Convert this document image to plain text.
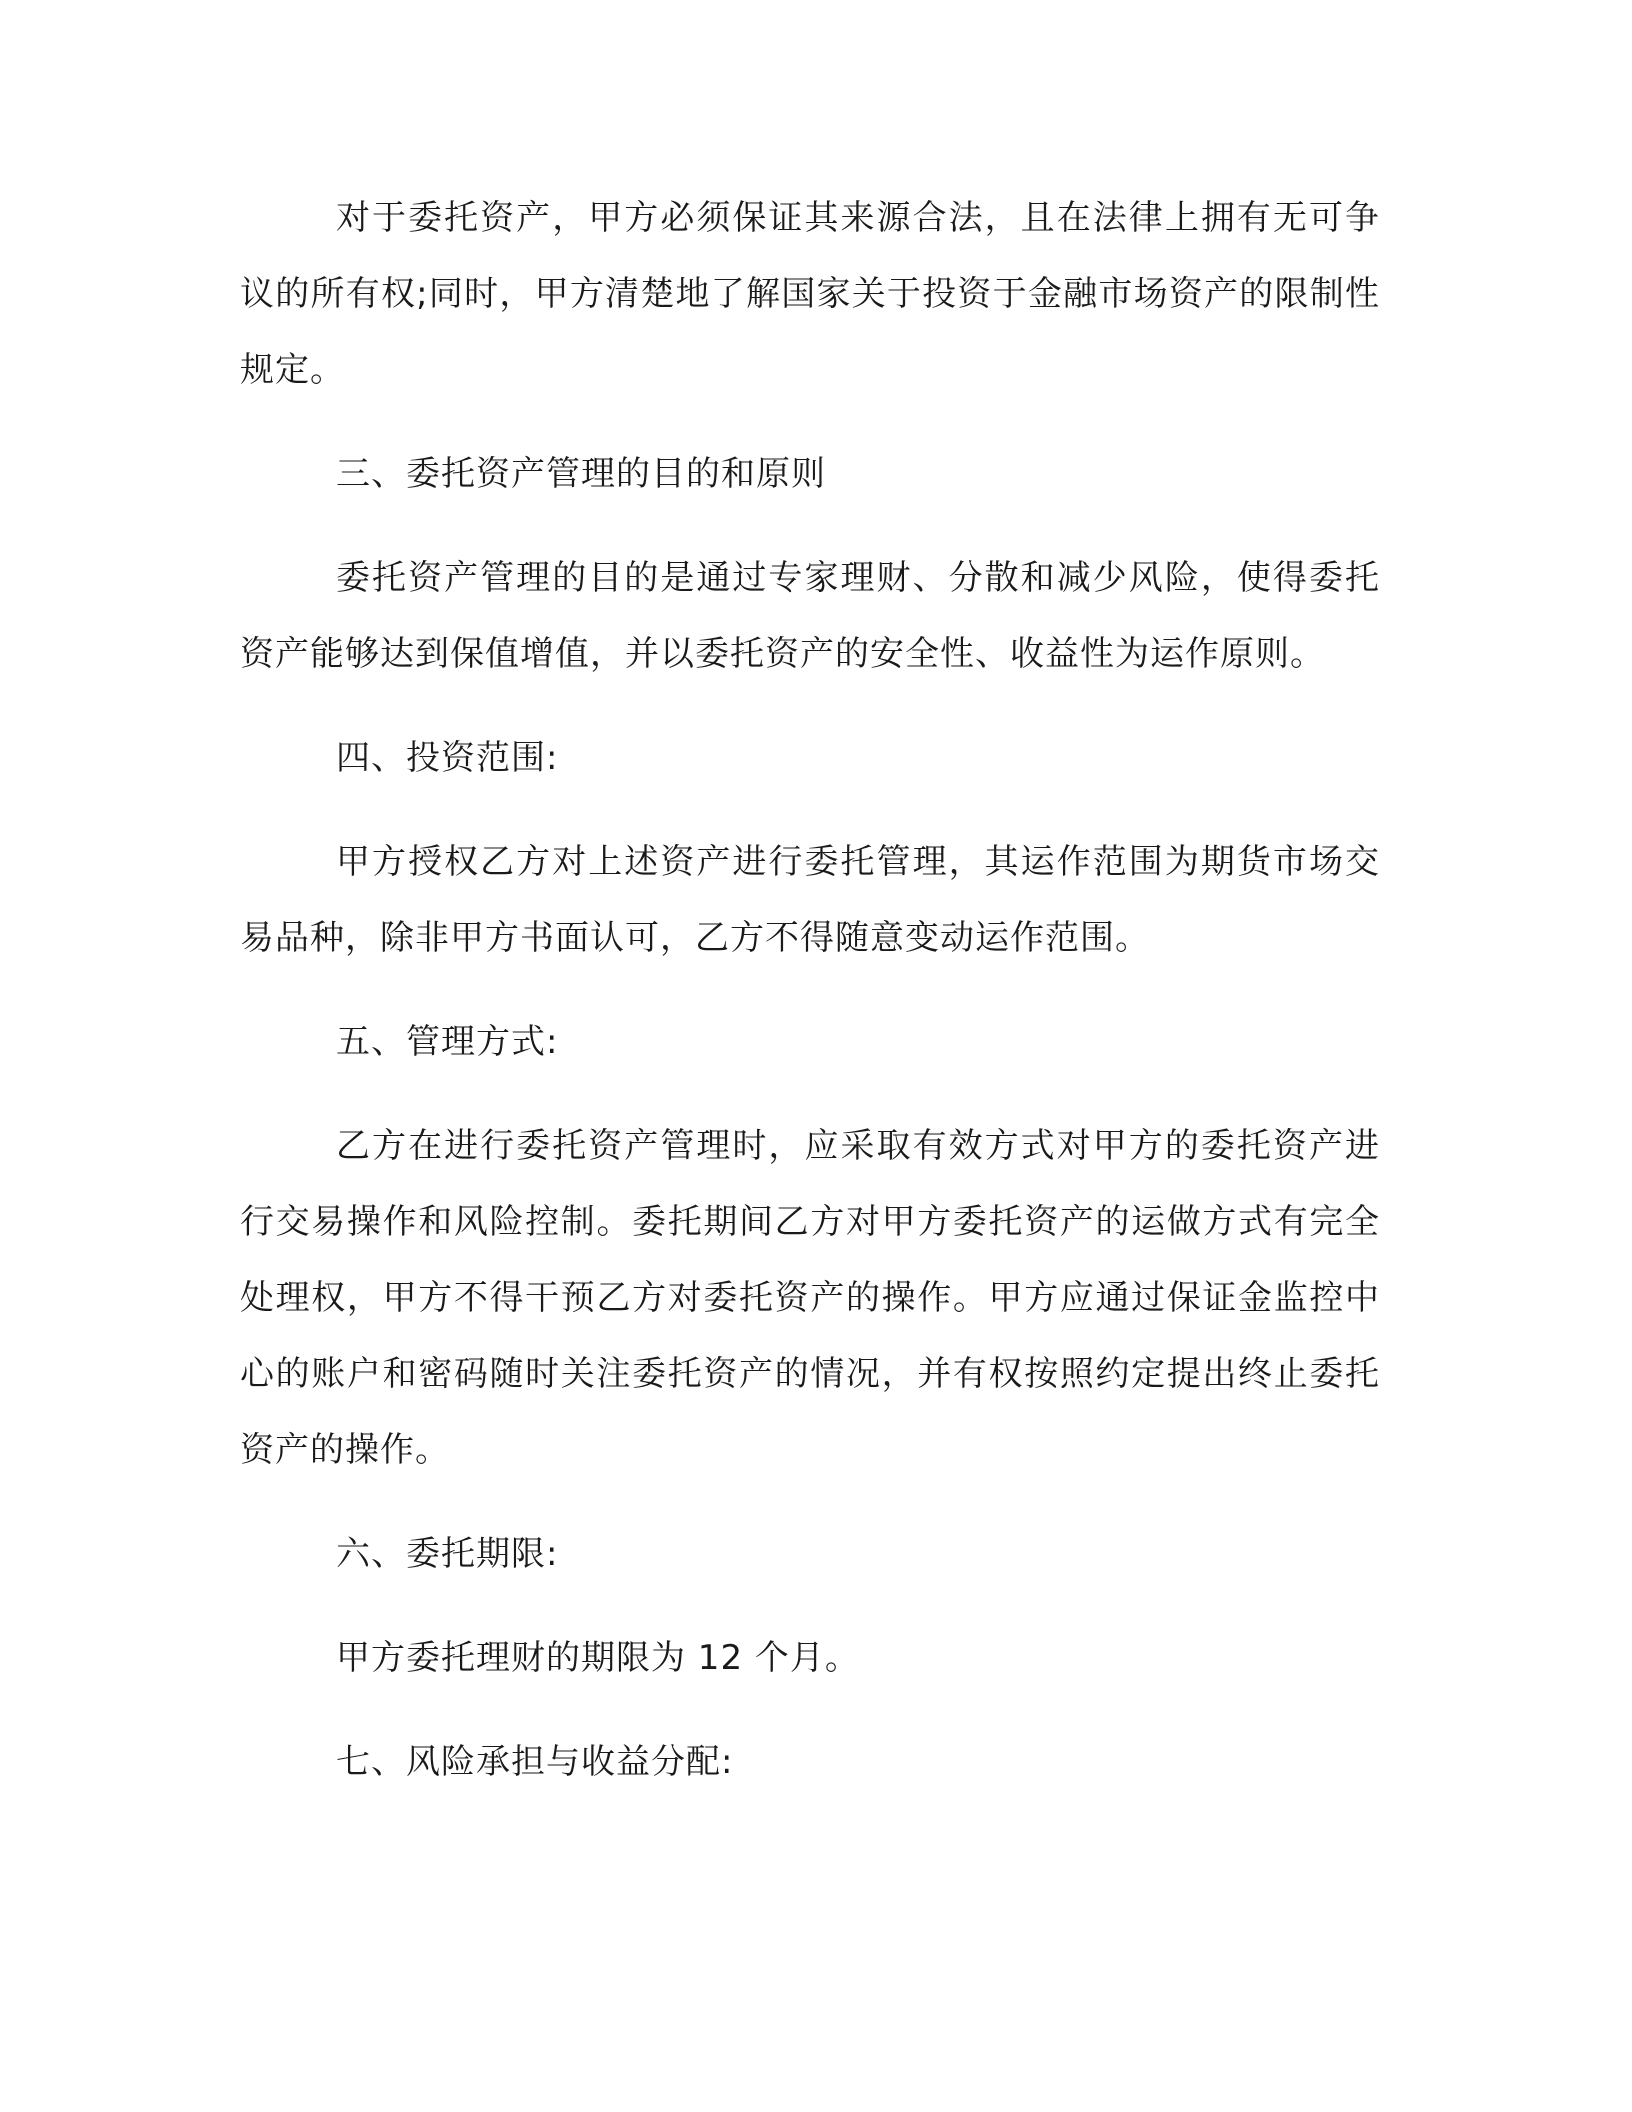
对于委托资产，甲方必须保证其来源合法，且在法律上拥有无可争议的所有权;同时，甲方清楚地了解国家关于投资于金融市场资产的限制性规定。

三、委托资产管理的目的和原则

委托资产管理的目的是通过专家理财、分散和减少风险，使得委托资产能够达到保值增值，并以委托资产的安全性、收益性为运作原则。

四、投资范围:

甲方授权乙方对上述资产进行委托管理，其运作范围为期货市场交易品种，除非甲方书面认可，乙方不得随意变动运作范围。

五、管理方式:

乙方在进行委托资产管理时，应采取有效方式对甲方的委托资产进行交易操作和风险控制。委托期间乙方对甲方委托资产的运做方式有完全处理权，甲方不得干预乙方对委托资产的操作。甲方应通过保证金监控中心的账户和密码随时关注委托资产的情况，并有权按照约定提出终止委托资产的操作。

六、委托期限:

甲方委托理财的期限为 12 个月。

七、风险承担与收益分配:
